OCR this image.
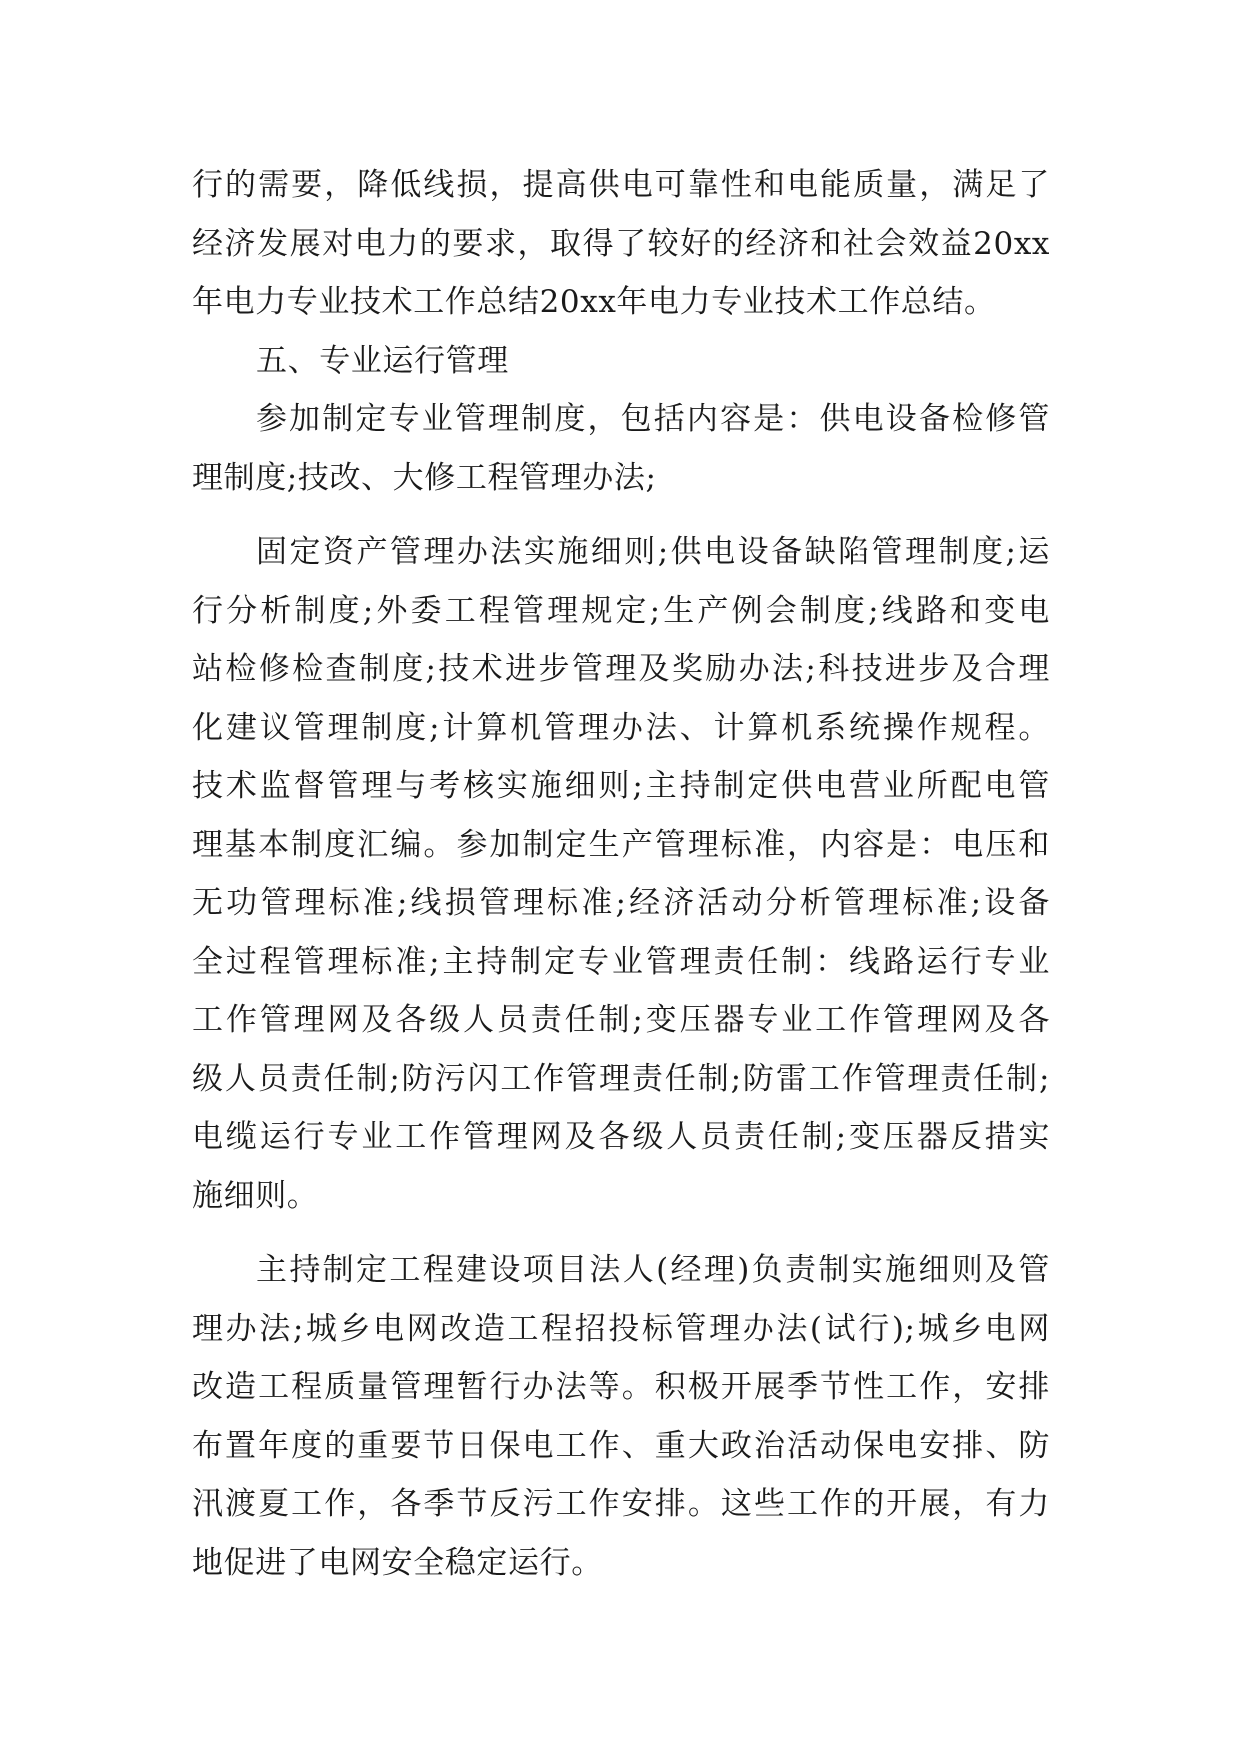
行的需要，降低线损，提高供电可靠性和电能质量，满足了
经济发展对电力的要求，取得了较好的经济和社会效益20xx
年电力专业技术工作总结20xx年电力专业技术工作总结。
五、专业运行管理
参加制定专业管理制度，包括内容是：供电设备检修管
理制度;技改、大修工程管理办法;
固定资产管理办法实施细则;供电设备缺陷管理制度;运
行分析制度;外委工程管理规定;生产例会制度;线路和变电
站检修检查制度;技术进步管理及奖励办法;科技进步及合理
化建议管理制度;计算机管理办法、计算机系统操作规程。
技术监督管理与考核实施细则;主持制定供电营业所配电管
理基本制度汇编。参加制定生产管理标准，内容是：电压和
无功管理标准;线损管理标准;经济活动分析管理标准;设备
全过程管理标准;主持制定专业管理责任制：线路运行专业
工作管理网及各级人员责任制;变压器专业工作管理网及各
级人员责任制;防污闪工作管理责任制;防雷工作管理责任制;
电缆运行专业工作管理网及各级人员责任制;变压器反措实
施细则。
主持制定工程建设项目法人(经理)负责制实施细则及管
理办法;城乡电网改造工程招投标管理办法(试行);城乡电网
改造工程质量管理暂行办法等。积极开展季节性工作，安排
布置年度的重要节日保电工作、重大政治活动保电安排、防
汛渡夏工作，各季节反污工作安排。这些工作的开展，有力
地促进了电网安全稳定运行。
